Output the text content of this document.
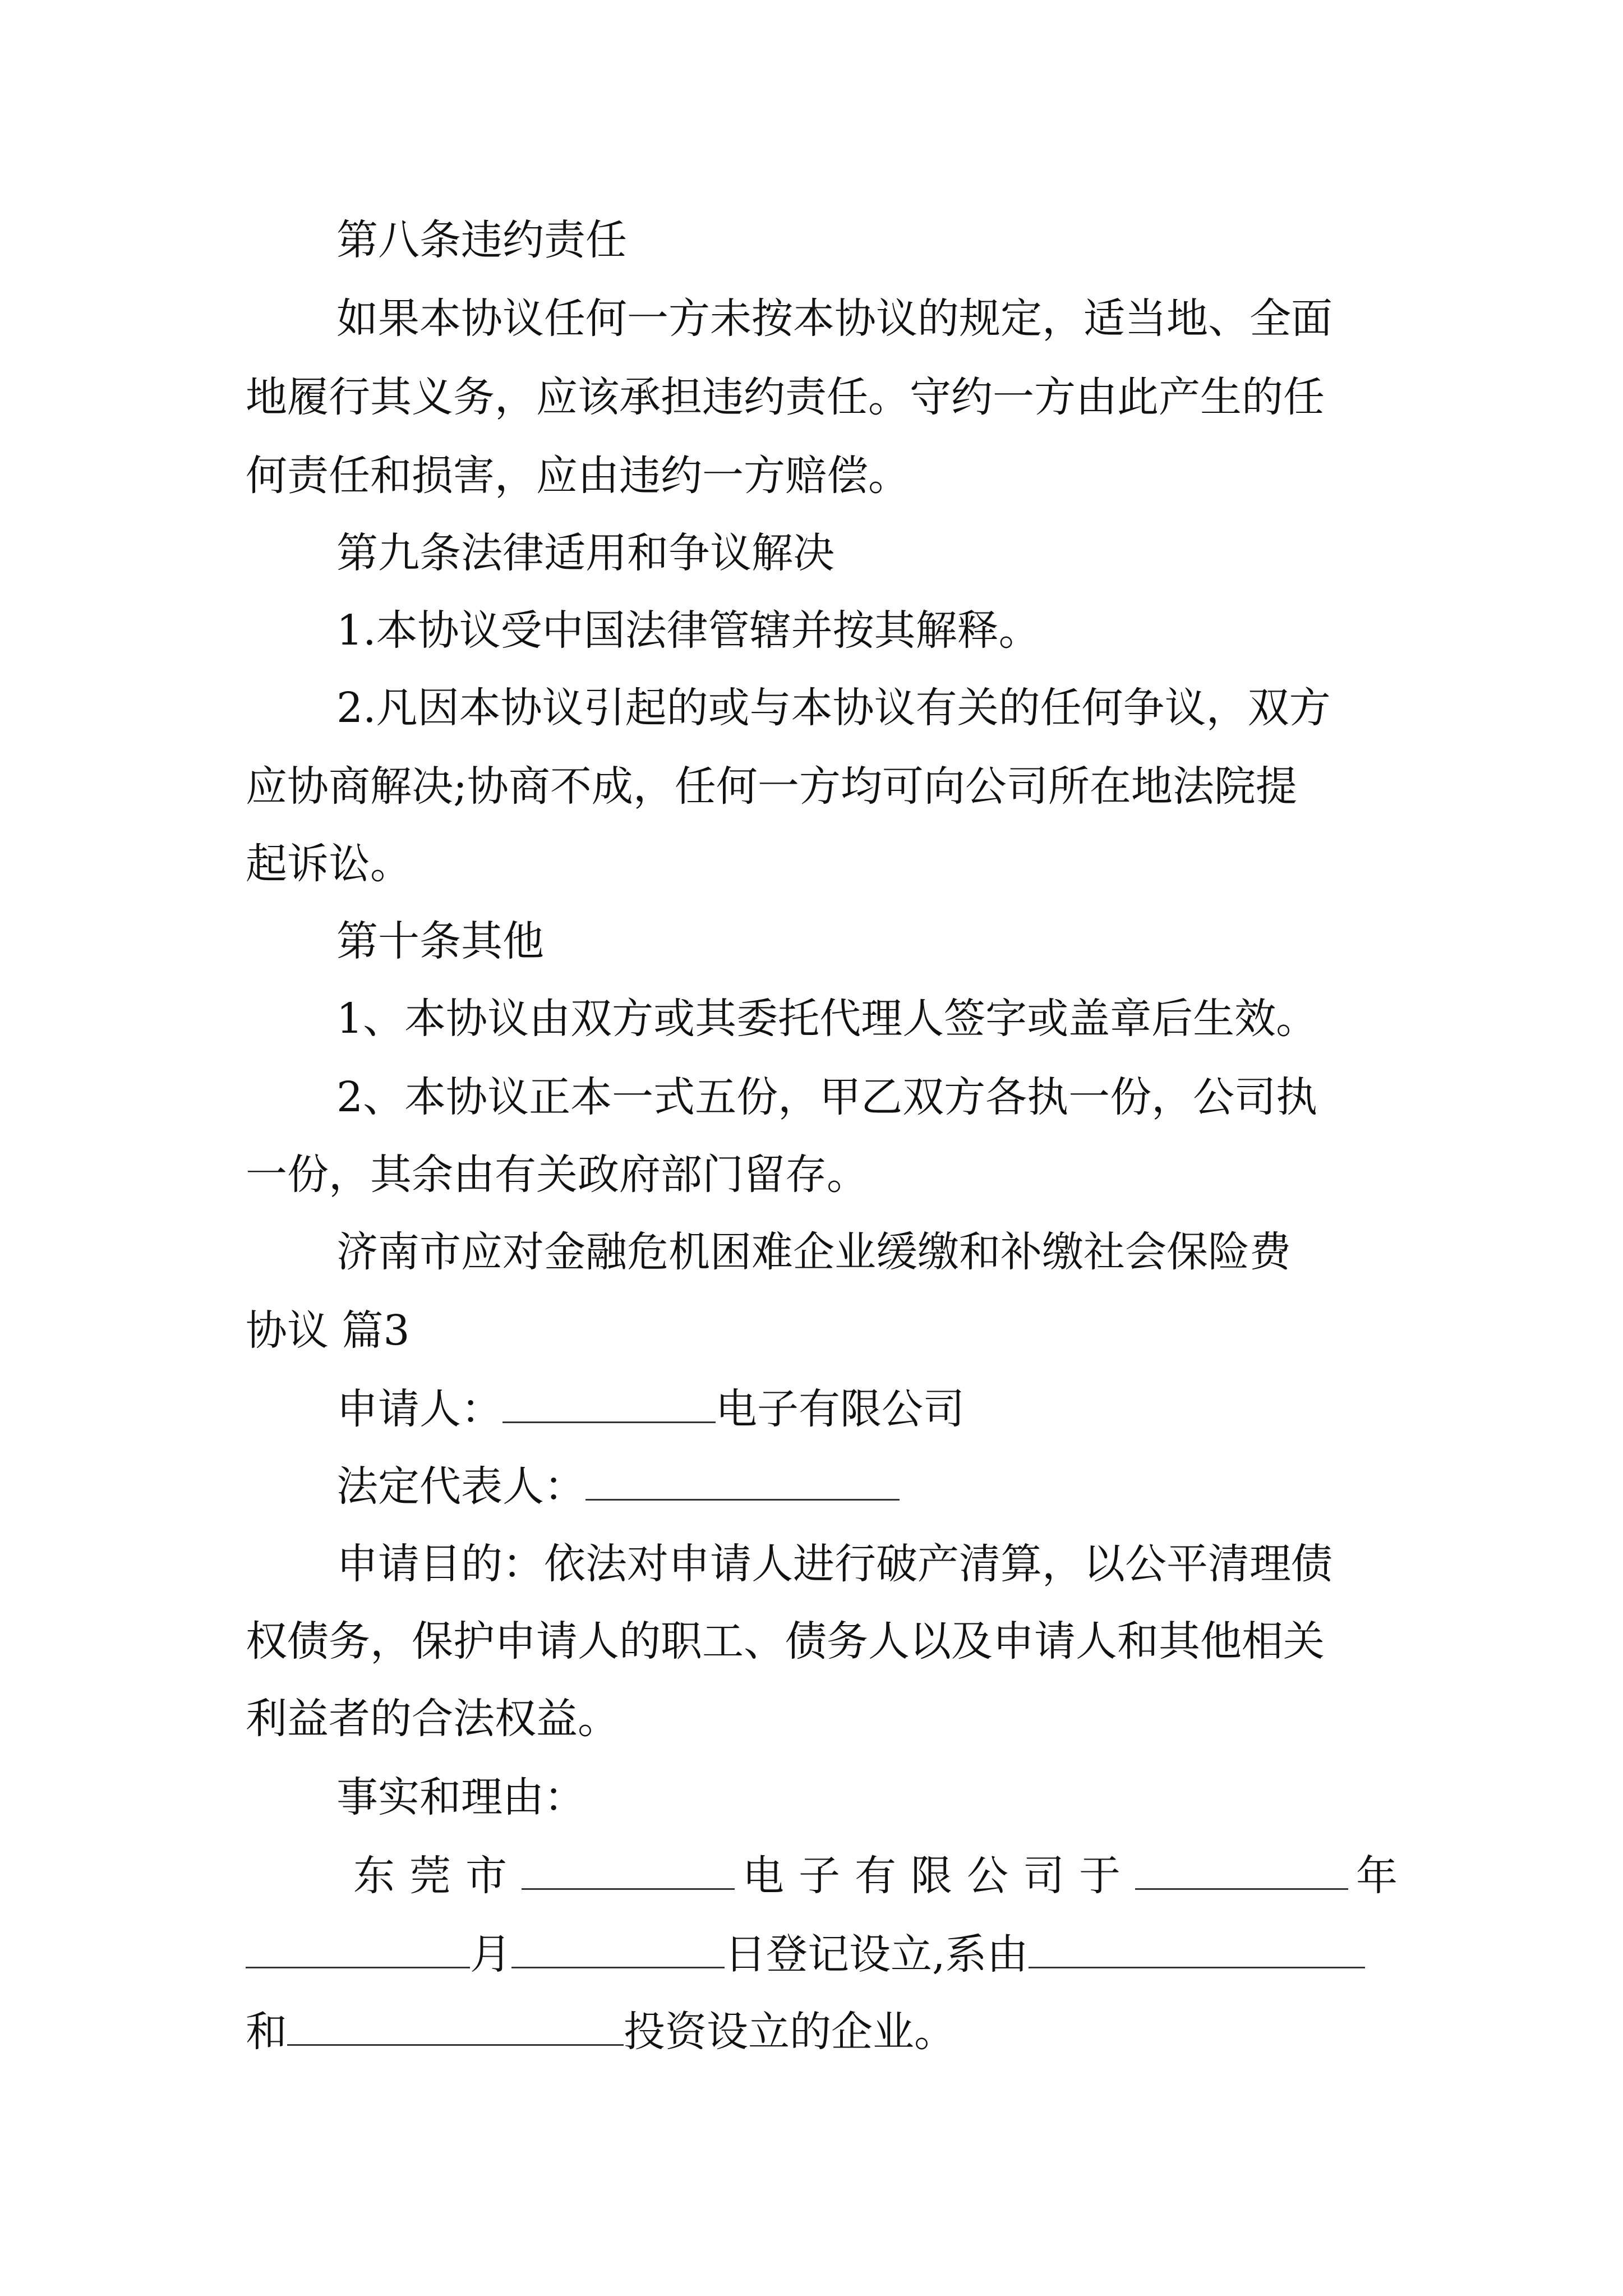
第八条违约责任
如果本协议任何一方未按本协议的规定，适当地、全面
地履行其义务，应该承担违约责任。守约一方由此产生的任
何责任和损害，应由违约一方赔偿。
第九条法律适用和争议解决
1.本协议受中国法律管辖并按其解释。
2.凡因本协议引起的或与本协议有关的任何争议，双方
应协商解决;协商不成，任何一方均可向公司所在地法院提
起诉讼。
第十条其他
1、本协议由双方或其委托代理人签字或盖章后生效。
2、本协议正本一式五份，甲乙双方各执一份，公司执
一份，其余由有关政府部门留存。
济南市应对金融危机困难企业缓缴和补缴社会保险费
协议 篇3
申请人：	电子有限公司
法定代表人：
申请目的：依法对申请人进行破产清算，以公平清理债
权债务，保护申请人的职工、债务人以及申请人和其他相关
利益者的合法权益。
事实和理由：
东莞市	电子有限公司于	年
月	日登记设立,系由
和	投资设立的企业。
